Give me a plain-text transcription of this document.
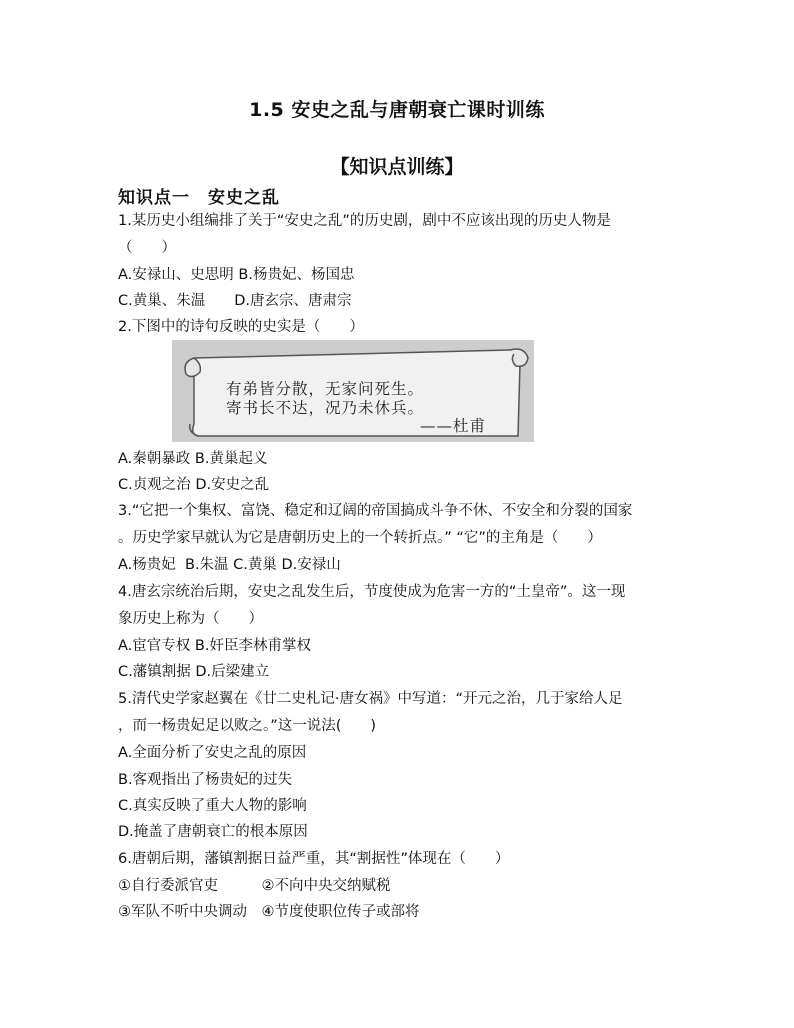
1.5 安史之乱与唐朝衰亡课时训练
【知识点训练】
知识点一　安史之乱
1.某历史小组编排了关于“安史之乱”的历史剧，剧中不应该出现的历史人物是
（　　）
A.安禄山、史思明 B.杨贵妃、杨国忠
C.黄巢、朱温　　D.唐玄宗、唐肃宗
2.下图中的诗句反映的史实是（　　）
有弟皆分散，无家问死生。
寄书长不达，况乃未休兵。
——杜甫
A.秦朝暴政 B.黄巢起义
C.贞观之治 D.安史之乱
3.“它把一个集权、富饶、稳定和辽阔的帝国搞成斗争不休、不安全和分裂的国家
。历史学家早就认为它是唐朝历史上的一个转折点。” “它”的主角是（　　）
A.杨贵妃  B.朱温 C.黄巢 D.安禄山
4.唐玄宗统治后期，安史之乱发生后，节度使成为危害一方的“土皇帝”。这一现
象历史上称为（　　）
A.宦官专权 B.奸臣李林甫掌权
C.藩镇割据 D.后梁建立
5.清代史学家赵翼在《廿二史札记·唐女祸》中写道：“开元之治，几于家给人足
，而一杨贵妃足以败之。”这一说法(　　)
A.全面分析了安史之乱的原因
B.客观指出了杨贵妃的过失
C.真实反映了重大人物的影响
D.掩盖了唐朝衰亡的根本原因
6.唐朝后期，藩镇割据日益严重，其“割据性”体现在（　　）
①自行委派官吏　　　②不向中央交纳赋税
③军队不听中央调动　④节度使职位传子或部将
